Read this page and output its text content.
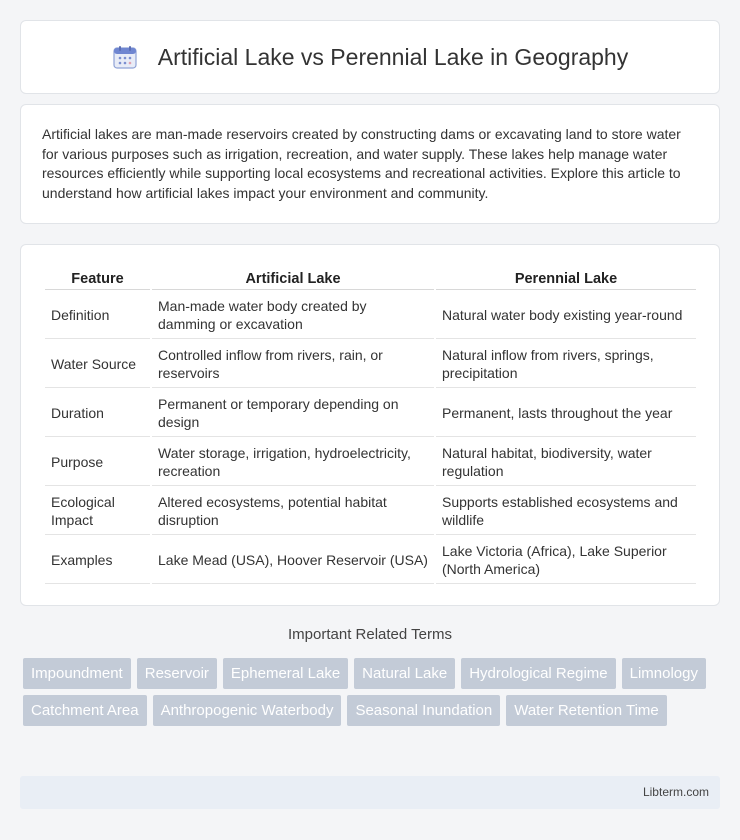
Artificial Lake vs Perennial Lake in Geography

Artificial lakes are man-made reservoirs created by constructing dams or excavating land to store water for various purposes such as irrigation, recreation, and water supply. These lakes help manage water resources efficiently while supporting local ecosystems and recreational activities. Explore this article to understand how artificial lakes impact your environment and community.

Feature	Artificial Lake	Perennial Lake
Definition	Man-made water body created by damming or excavation	Natural water body existing year-round
Water Source	Controlled inflow from rivers, rain, or reservoirs	Natural inflow from rivers, springs, precipitation
Duration	Permanent or temporary depending on design	Permanent, lasts throughout the year
Purpose	Water storage, irrigation, hydroelectricity, recreation	Natural habitat, biodiversity, water regulation
Ecological Impact	Altered ecosystems, potential habitat disruption	Supports established ecosystems and wildlife
Examples	Lake Mead (USA), Hoover Reservoir (USA)	Lake Victoria (Africa), Lake Superior (North America)
Important Related Terms
Impoundment	Reservoir	Ephemeral Lake	Natural Lake	Hydrological Regime	Limnology
Catchment Area	Anthropogenic Waterbody	Seasonal Inundation	Water Retention Time
Libterm.com
